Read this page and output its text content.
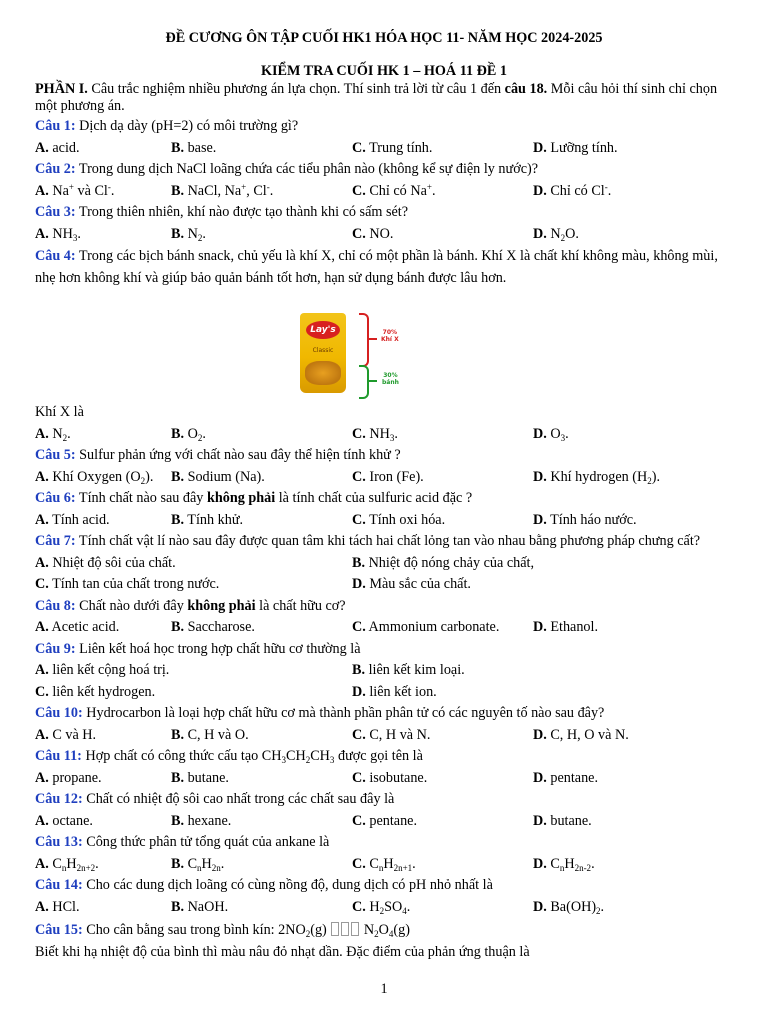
ĐỀ CƯƠNG ÔN TẬP CUỐI HK1 HÓA HỌC 11- NĂM HỌC 2024-2025
KIỂM TRA CUỐI HK 1 – HOÁ 11 ĐỀ 1
PHẦN I. Câu trắc nghiệm nhiều phương án lựa chọn. Thí sinh trả lời từ câu 1 đến câu 18. Mỗi câu hỏi thí sinh chỉ chọn một phương án.
Câu 1: Dịch dạ dày (pH=2) có môi trường gì?
A. acid.	B. base.	C. Trung tính.	D. Lưỡng tính.
Câu 2: Trong dung dịch NaCl loãng chứa các tiểu phân nào (không kể sự điện ly nước)?
A. Na+ và Cl-.	B. NaCl, Na+, Cl-.	C. Chỉ có Na+.	D. Chỉ có Cl-.
Câu 3: Trong thiên nhiên, khí nào được tạo thành khi có sấm sét?
A. $NH_3$.	B. $N_2$.	C. NO.	D. $N_2O$.
Câu 4: Trong các bịch bánh snack, chủ yếu là khí X, chỉ có một phần là bánh. Khí X là chất khí không màu, không mùi, nhẹ hơn không khí và giúp bảo quản bánh tốt hơn, hạn sử dụng bánh được lâu hơn.
Lay's
Classic
70%
Khí X
30%
bánh
Khí X là
A. $N_2$.	B. $O_2$.	C. $NH_3$.	D. $O_3$.
Câu 5: Sulfur phản ứng với chất nào sau đây thể hiện tính khử ?
A. Khí Oxygen $(O_2)$.	B. Sodium (Na).	C. Iron (Fe).	D. Khí hydrogen $(H_2)$.
Câu 6: Tính chất nào sau đây không phải là tính chất của sulfuric acid đặc ?
A. Tính acid.	B. Tính khử.	C. Tính oxi hóa.	D. Tính háo nước.
Câu 7: Tính chất vật lí nào sau đây được quan tâm khi tách hai chất lỏng tan vào nhau bằng phương pháp chưng cất?
A. Nhiệt độ sôi của chất.	B. Nhiệt độ nóng chảy của chất,
C. Tính tan của chất trong nước.	D. Màu sắc của chất.
Câu 8: Chất nào dưới đây không phải là chất hữu cơ?
A. Acetic acid.	B. Saccharose.	C. Ammonium carbonate.	D. Ethanol.
Câu 9: Liên kết hoá học trong hợp chất hữu cơ thường là
A. liên kết cộng hoá trị.	B. liên kết kim loại.
C. liên kết hydrogen.	D. liên kết ion.
Câu 10: Hydrocarbon là loại hợp chất hữu cơ mà thành phần phân tử có các nguyên tố nào sau đây?
A. C và H.	B. C, H và O.	C. C, H và N.	D. C, H, O và N.
Câu 11: Hợp chất có công thức cấu tạo $CH_3CH_2CH_3$ được gọi tên là
A. propane.	B. butane.	C. isobutane.	D. pentane.
Câu 12: Chất có nhiệt độ sôi cao nhất trong các chất sau đây là
A. octane.	B. hexane.	C. pentane.	D. butane.
Câu 13: Công thức phân tử tổng quát của ankane là
A. $C_nH_{2n+2}$.	B. $C_nH_{2n}$.	C. $C_nH_{2n+1}$.	D. $C_nH_{2n-2}$.
Câu 14: Cho các dung dịch loãng có cùng nồng độ, dung dịch có pH nhỏ nhất là
A. HCl.	B. NaOH.	C. $H_2SO_4$.	D. $Ba(OH)_2$.
Câu 15: Cho cân bằng sau trong bình kín: $2NO_2(g)$	$N_2O_4(g)$
Biết khi hạ nhiệt độ của bình thì màu nâu đỏ nhạt dần. Đặc điểm của phản ứng thuận là
1
